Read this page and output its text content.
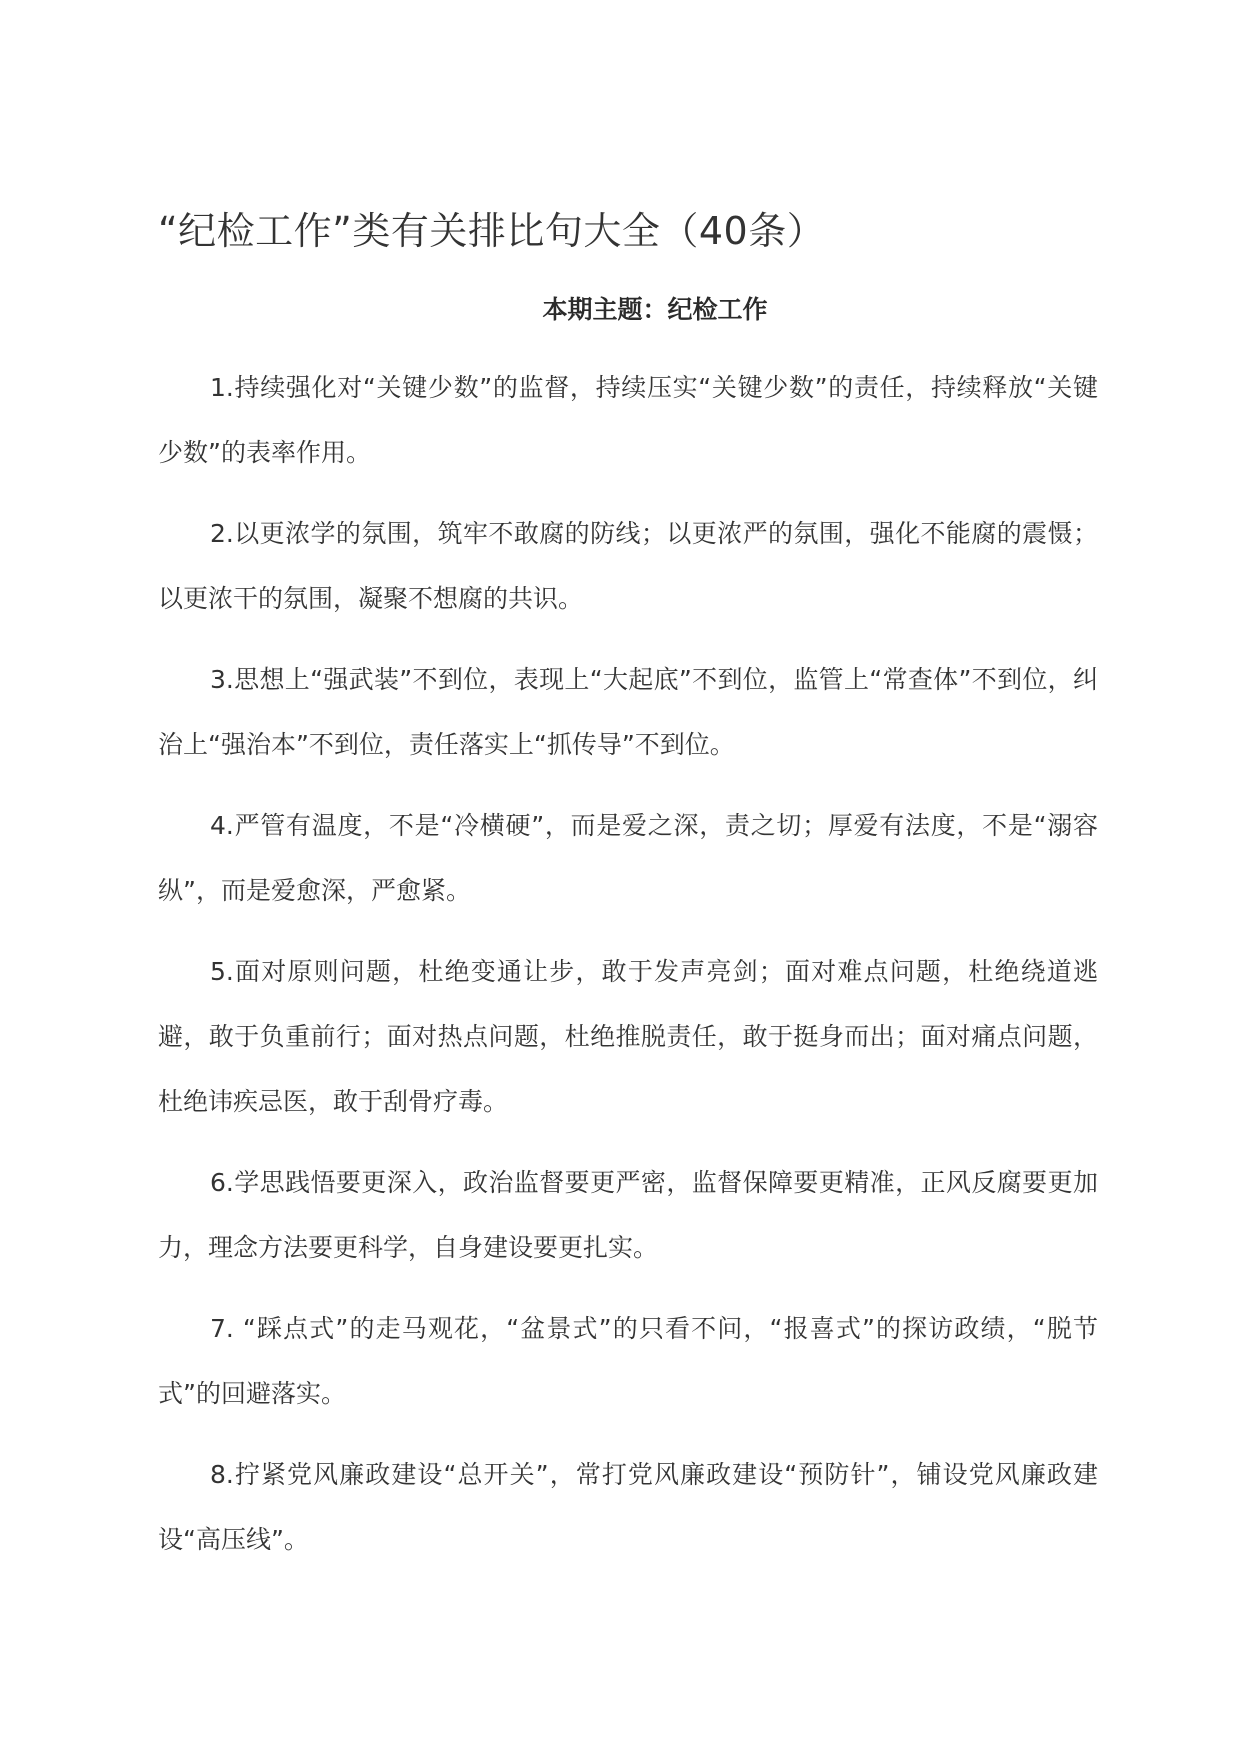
“纪检工作”类有关排比句大全（40条）
本期主题：纪检工作

1.持续强化对“关键少数”的监督，持续压实“关键少数”的责任，持续释放“关键少数”的表率作用。

2.以更浓学的氛围，筑牢不敢腐的防线；以更浓严的氛围，强化不能腐的震慑；以更浓干的氛围，凝聚不想腐的共识。

3.思想上“强武装”不到位，表现上“大起底”不到位，监管上“常查体”不到位，纠治上“强治本”不到位，责任落实上“抓传导”不到位。

4.严管有温度，不是“冷横硬”，而是爱之深，责之切；厚爱有法度，不是“溺容纵”，而是爱愈深，严愈紧。

5.面对原则问题，杜绝变通让步，敢于发声亮剑；面对难点问题，杜绝绕道逃避，敢于负重前行；面对热点问题，杜绝推脱责任，敢于挺身而出；面对痛点问题，杜绝讳疾忌医，敢于刮骨疗毒。

6.学思践悟要更深入，政治监督要更严密，监督保障要更精准，正风反腐要更加力，理念方法要更科学，自身建设要更扎实。

7. “踩点式”的走马观花，“盆景式”的只看不问，“报喜式”的探访政绩，“脱节式”的回避落实。

8.拧紧党风廉政建设“总开关”，常打党风廉政建设“预防针”，铺设党风廉政建设“高压线”。
